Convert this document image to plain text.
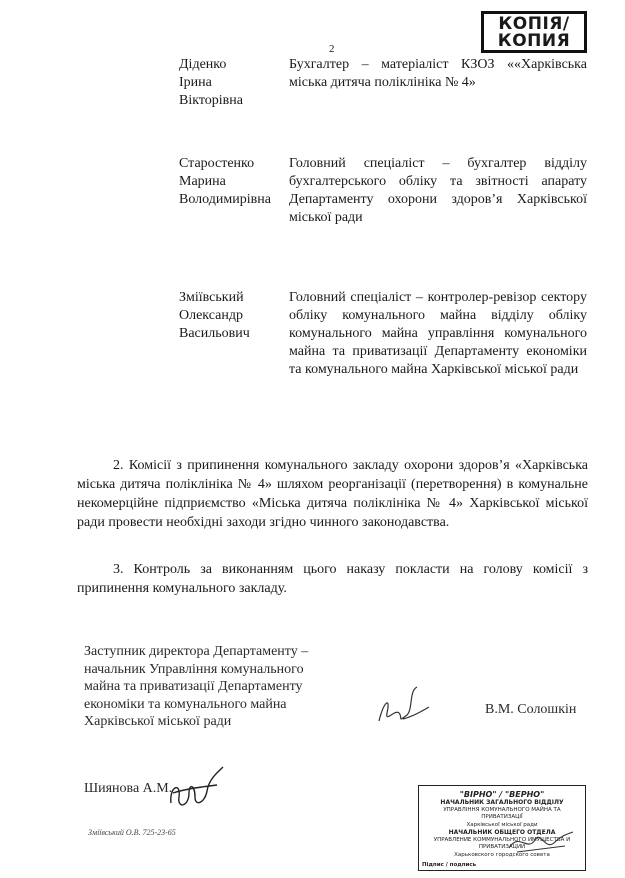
КОПІЯ/
КОПИЯ
2
Діденко
Ірина
Вікторівна
Бухгалтер – матеріаліст КЗОЗ ««Харківська міська дитяча поліклініка № 4»
Старостенко
Марина
Володимирівна
Головний спеціаліст – бухгалтер відділу бухгалтерського обліку та звітності апарату Департаменту охорони здоров’я Харківської міської ради
Зміївський
Олександр
Васильович
Головний спеціаліст – контролер-ревізор сектору обліку комунального майна відділу обліку комунального майна управління комунального майна та приватизації Департаменту економіки та комунального майна Харківської міської ради
2. Комісії з припинення комунального закладу охорони здоров’я «Харківська міська дитяча поліклініка № 4» шляхом реорганізації (перетворення) в комунальне некомерційне підприємство «Міська дитяча поліклініка № 4» Харківської міської ради провести необхідні заходи згідно чинного законодавства.
3. Контроль за виконанням цього наказу покласти на голову комісії з припинення комунального закладу.
Заступник директора Департаменту – начальник Управління комунального майна та приватизації Департаменту економіки та комунального майна Харківської міської ради
В.М. Солошкін
Шиянова А.М.
Зміївський О.В. 725-23-65
"ВІРНО" / "ВЕРНО"
НАЧАЛЬНИК ЗАГАЛЬНОГО ВІДДІЛУ
УПРАВЛІННЯ КОМУНАЛЬНОГО МАЙНА ТА ПРИВАТИЗАЦІЇ
Харківської міської ради
НАЧАЛЬНИК ОБЩЕГО ОТДЕЛА
УПРАВЛЕНИЕ КОММУНАЛЬНОГО ИМУЩЕСТВА И ПРИВАТИЗАЦИИ
Харьковского городского совета
Підпис / подпись
